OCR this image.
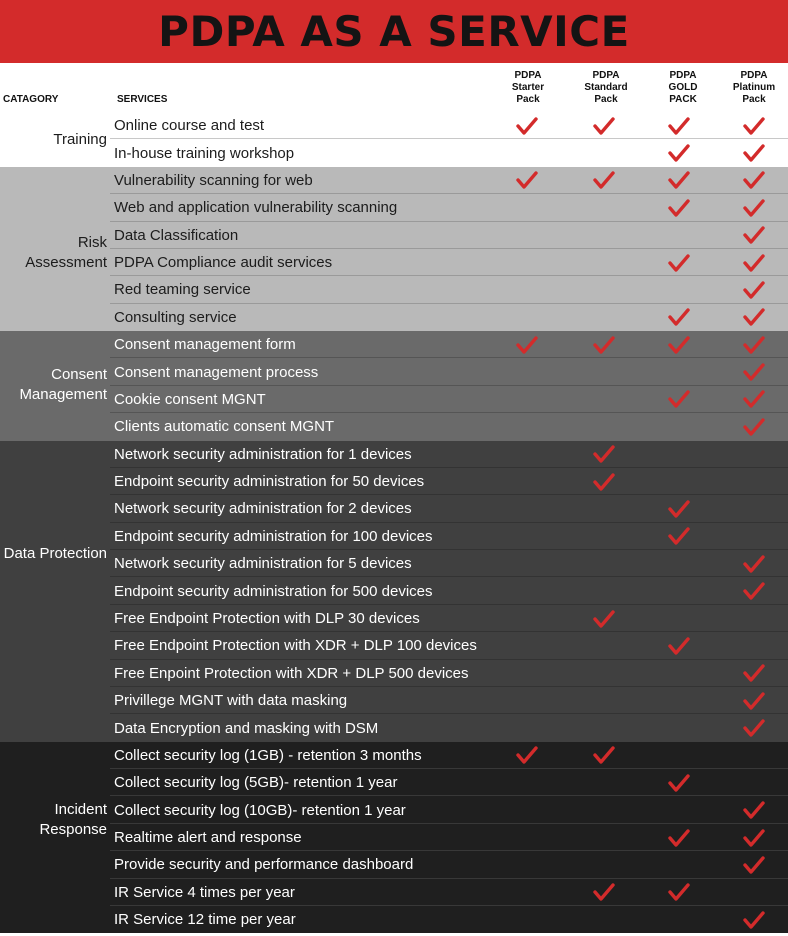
PDPA AS A SERVICE
CATAGORY	SERVICES
PDPA
Starter
Pack
PDPA
Standard
Pack
PDPA
GOLD
PACK
PDPA
Platinum
Pack
Training
Online course and test
In-house training workshop
Risk Assessment
Vulnerability scanning for web
Web and application vulnerability scanning
Data Classification
PDPA Compliance audit services
Red teaming service
Consulting service
Consent Management
Consent management form
Consent management process
Cookie consent MGNT
Clients automatic consent MGNT
Data Protection
Network security administration for 1 devices
Endpoint security administration for 50 devices
Network security administration for 2 devices
Endpoint security administration for 100 devices
Network security administration for 5 devices
Endpoint security administration for 500 devices
Free Endpoint Protection with DLP 30 devices
Free Endpoint Protection with XDR + DLP 100 devices
Free Enpoint Protection with XDR + DLP 500 devices
Privillege MGNT with data masking
Data Encryption and masking with DSM
Incident Response
Collect security log (1GB) - retention 3 months
Collect security log (5GB)- retention 1 year
Collect security log (10GB)- retention 1 year
Realtime alert and response
Provide security and performance dashboard
IR Service 4 times per year
IR Service 12 time per year
